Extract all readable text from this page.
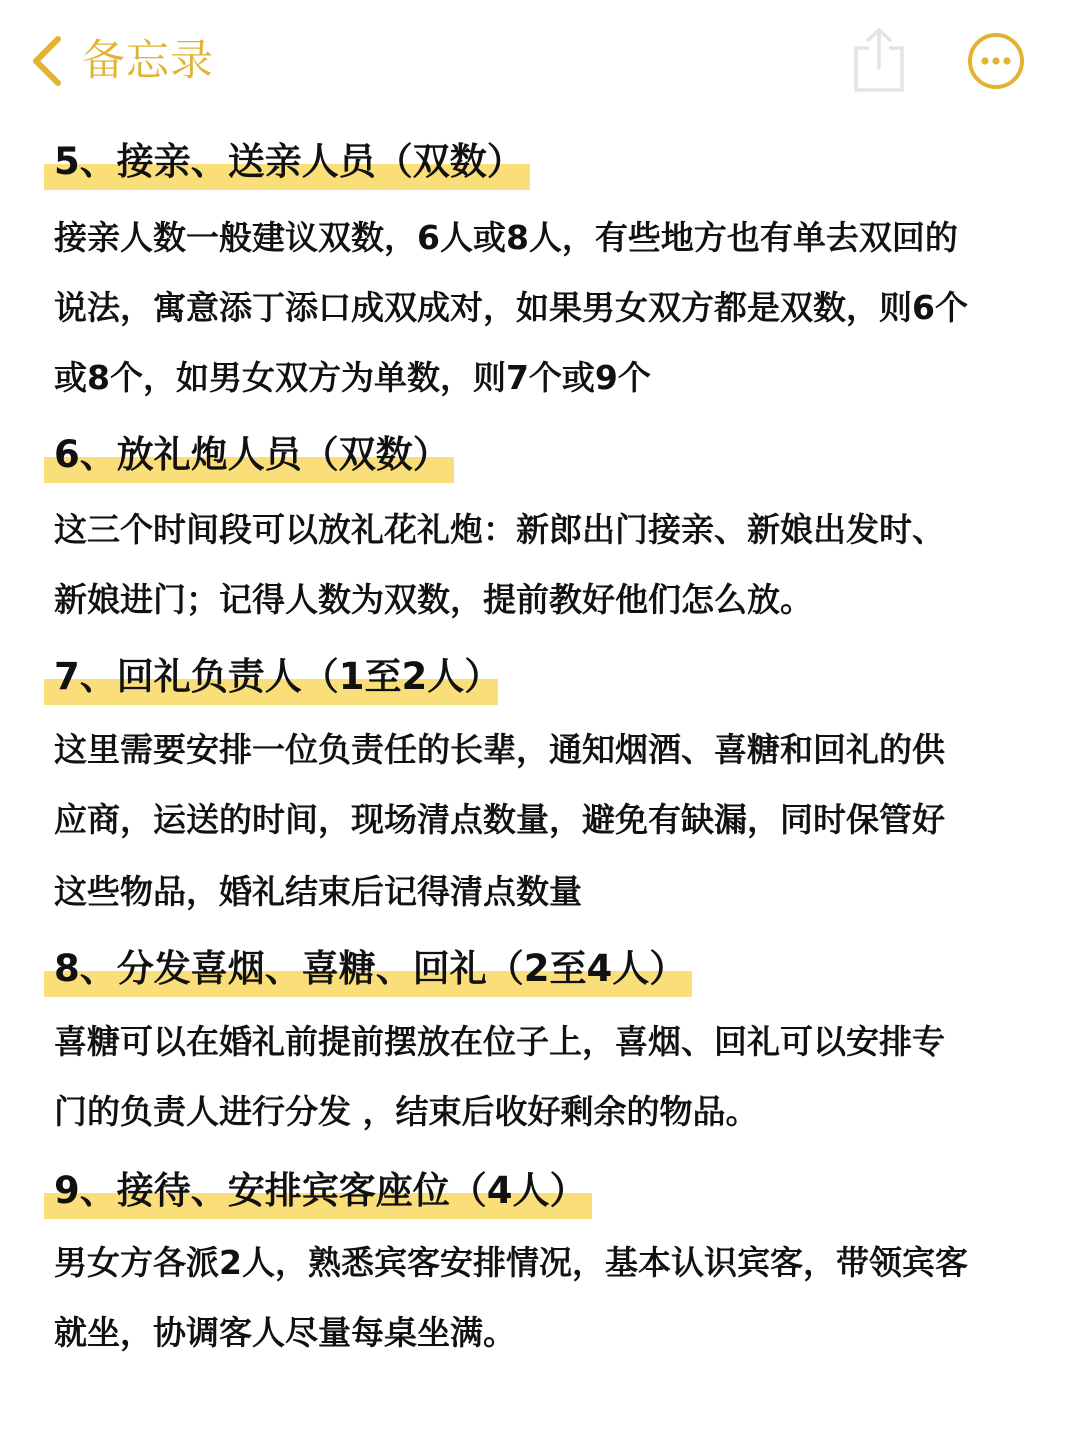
备忘录
5、接亲、送亲人员（双数）
接亲人数一般建议双数，6人或8人，有些地方也有单去双回的
说法，寓意添丁添口成双成对，如果男女双方都是双数，则6个
或8个，如男女双方为单数，则7个或9个
6、放礼炮人员（双数）
这三个时间段可以放礼花礼炮：新郎出门接亲、新娘出发时、
新娘进门；记得人数为双数，提前教好他们怎么放。
7、回礼负责人（1至2人）
这里需要安排一位负责任的长辈，通知烟酒、喜糖和回礼的供
应商，运送的时间，现场清点数量，避免有缺漏，同时保管好
这些物品，婚礼结束后记得清点数量
8、分发喜烟、喜糖、回礼（2至4人）
喜糖可以在婚礼前提前摆放在位子上，喜烟、回礼可以安排专
门的负责人进行分发 ，结束后收好剩余的物品。
9、接待、安排宾客座位（4人）
男女方各派2人，熟悉宾客安排情况，基本认识宾客，带领宾客
就坐，协调客人尽量每桌坐满。
